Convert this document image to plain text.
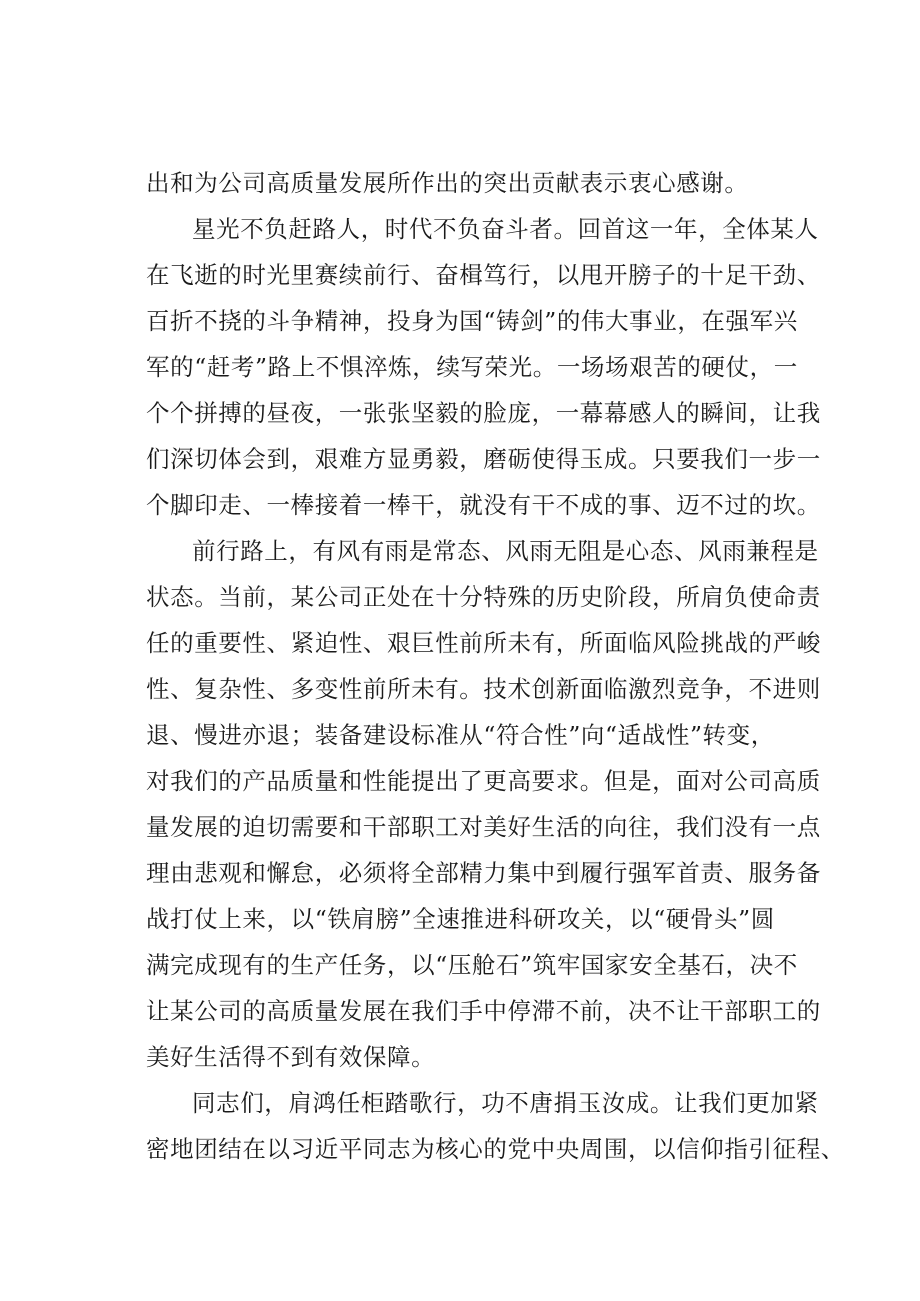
出和为公司高质量发展所作出的突出贡献表示衷心感谢。
星光不负赶路人，时代不负奋斗者。回首这一年，全体某人
在飞逝的时光里赛续前行、奋楫笃行，以甩开膀子的十足干劲、
百折不挠的斗争精神，投身为国“铸剑”的伟大事业，在强军兴
军的“赶考”路上不惧淬炼，续写荣光。一场场艰苦的硬仗，一
个个拼搏的昼夜，一张张坚毅的脸庞，一幕幕感人的瞬间，让我
们深切体会到，艰难方显勇毅，磨砺使得玉成。只要我们一步一
个脚印走、一棒接着一棒干，就没有干不成的事、迈不过的坎。
前行路上，有风有雨是常态、风雨无阻是心态、风雨兼程是
状态。当前，某公司正处在十分特殊的历史阶段，所肩负使命责
任的重要性、紧迫性、艰巨性前所未有，所面临风险挑战的严峻
性、复杂性、多变性前所未有。技术创新面临激烈竞争，不进则
退、慢进亦退；装备建设标准从“符合性”向“适战性”转变，
对我们的产品质量和性能提出了更高要求。但是，面对公司高质
量发展的迫切需要和干部职工对美好生活的向往，我们没有一点
理由悲观和懈怠，必须将全部精力集中到履行强军首责、服务备
战打仗上来，以“铁肩膀”全速推进科研攻关，以“硬骨头”圆
满完成现有的生产任务，以“压舱石”筑牢国家安全基石，决不
让某公司的高质量发展在我们手中停滞不前，决不让干部职工的
美好生活得不到有效保障。
同志们，肩鸿任柜踏歌行，功不唐捐玉汝成。让我们更加紧
密地团结在以习近平同志为核心的党中央周围，以信仰指引征程、
